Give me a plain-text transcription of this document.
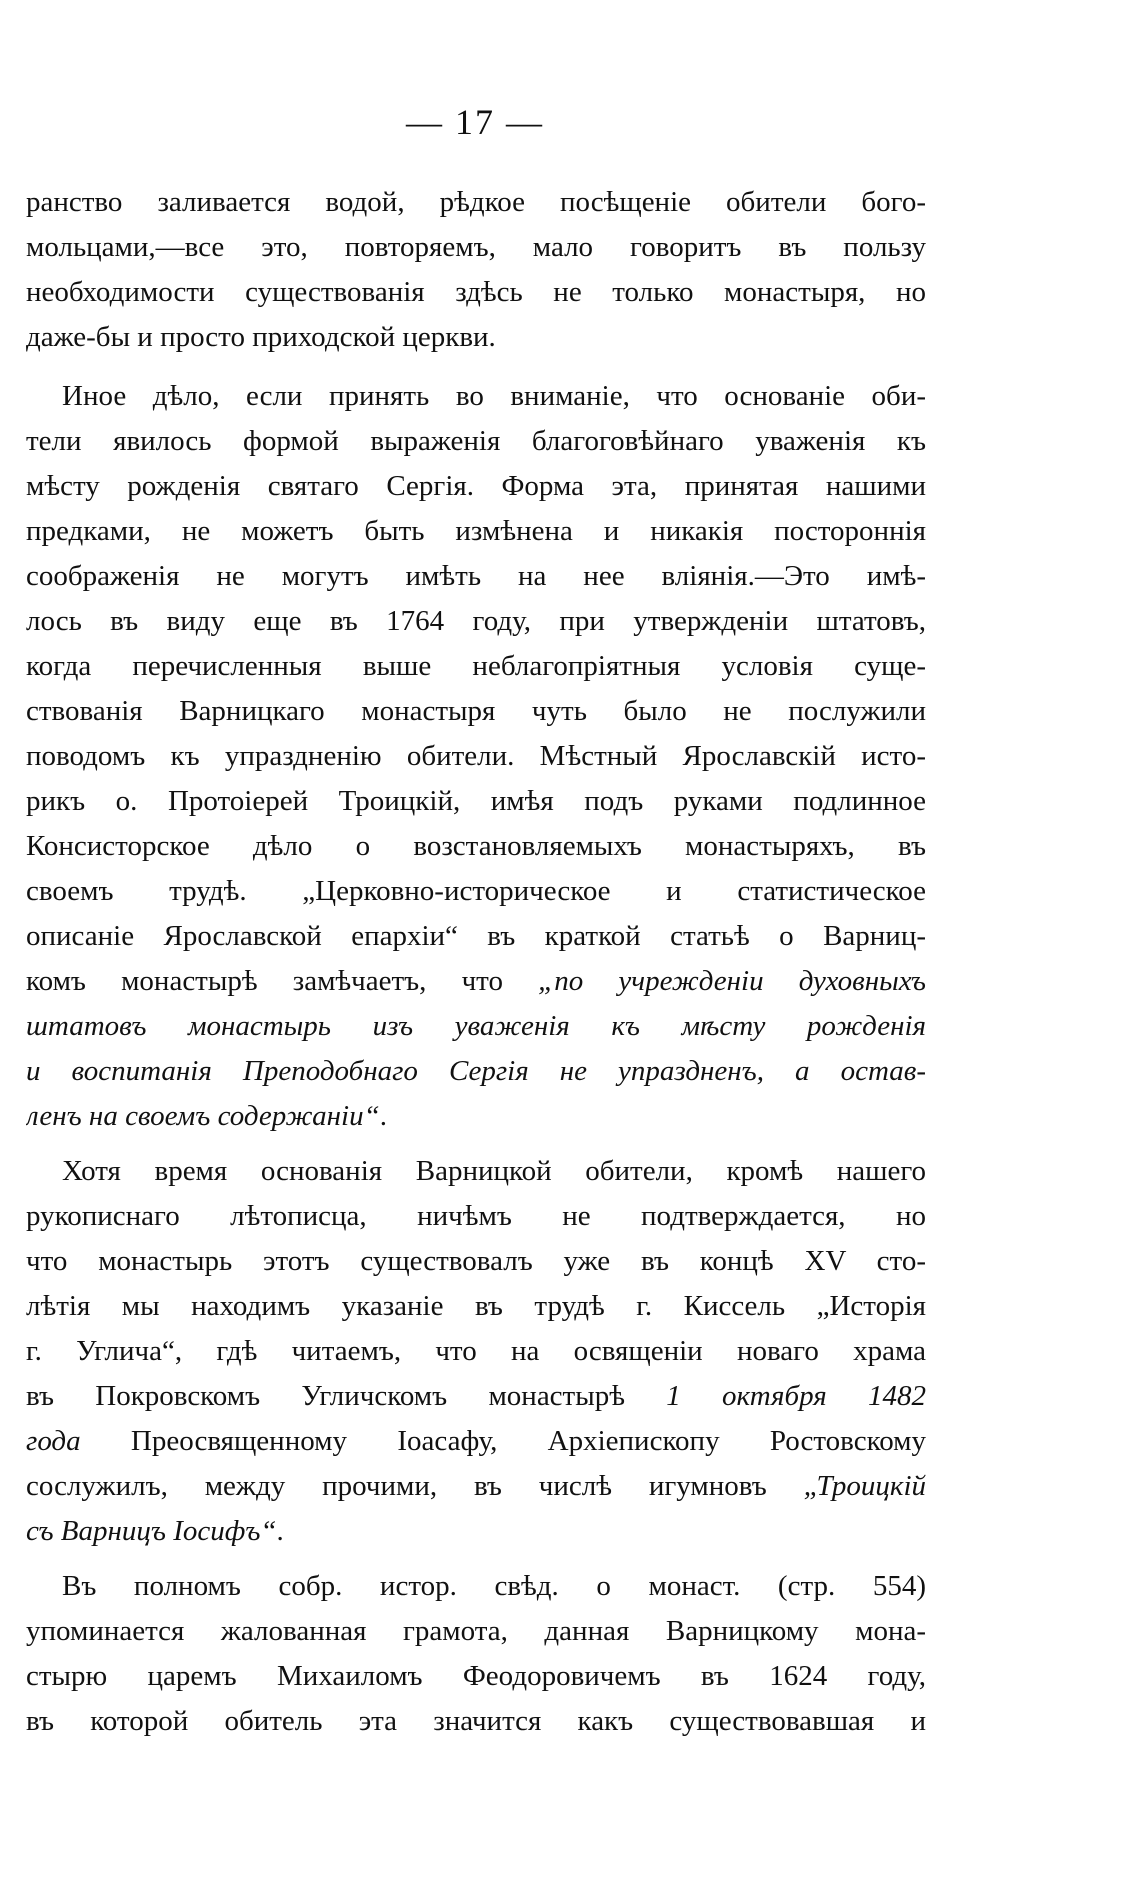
— 17 —
ранство заливается водой, рѣдкое посѣщеніе обители бого-
мольцами,—все это, повторяемъ, мало говоритъ въ пользу
необходимости существованія здѣсь не только монастыря, но
даже-бы и просто приходской церкви.
Иное дѣло, если принять во вниманіе, что основаніе оби-
тели явилось формой выраженія благоговѣйнаго уваженія къ
мѣсту рожденія святаго Сергія. Форма эта, принятая нашими
предками, не можетъ быть измѣнена и никакія постороннія
соображенія не могутъ имѣть на нее вліянія.—Это имѣ-
лось въ виду еще въ 1764 году, при утвержденіи штатовъ,
когда перечисленныя выше неблагопріятныя условія суще-
ствованія Варницкаго монастыря чуть было не послужили
поводомъ къ упраздненію обители. Мѣстный Ярославскій исто-
рикъ о. Протоіерей Троицкій, имѣя подъ руками подлинное
Консисторское дѣло о возстановляемыхъ монастыряхъ, въ
своемъ трудѣ. „Церковно-историческое и статистическое
описаніе Ярославской епархіи“ въ краткой статьѣ о Варниц-
комъ монастырѣ замѣчаетъ, что „по учрежденіи духовныхъ
штатовъ монастырь изъ уваженія къ мѣсту рожденія
и воспитанія Преподобнаго Сергія не упраздненъ, а остав-
ленъ на своемъ содержаніи“.
Хотя время основанія Варницкой обители, кромѣ нашего
рукописнаго лѣтописца, ничѣмъ не подтверждается, но
что монастырь этотъ существовалъ уже въ концѣ XV сто-
лѣтія мы находимъ указаніе въ трудѣ г. Киссель „Исторія
г. Углича“, гдѣ читаемъ, что на освященіи новаго храма
въ Покровскомъ Угличскомъ монастырѣ 1 октября 1482
года Преосвященному Іоасафу, Архіепископу Ростовскому
сослужилъ, между прочими, въ числѣ игумновъ „Троицкій
съ Варницъ Іосифъ“.
Въ полномъ собр. истор. свѣд. о монаст. (стр. 554)
упоминается жалованная грамота, данная Варницкому мона-
стырю царемъ Михаиломъ Феодоровичемъ въ 1624 году,
въ которой обитель эта значится какъ существовавшая и
